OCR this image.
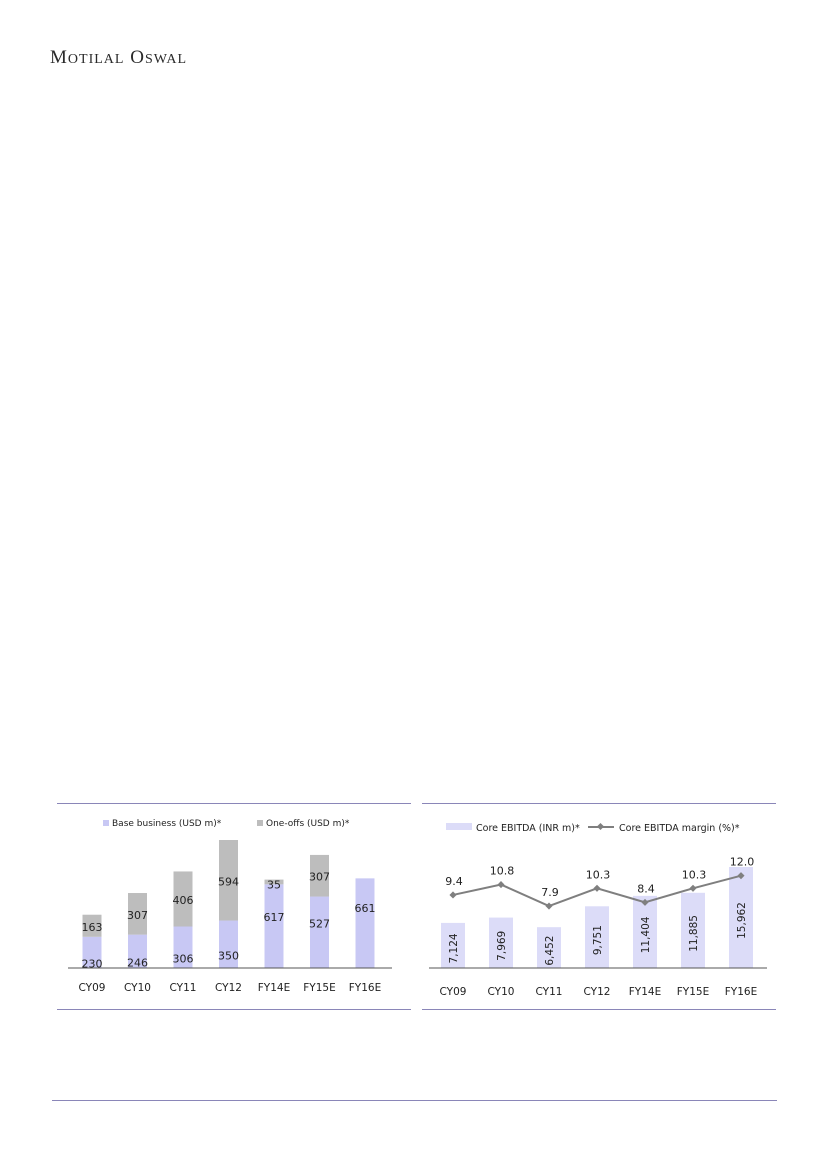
MOTILAL OSWAL
Base business (USD m)*	One-offs (USD m)*
230
163
CY09
246
307
CY10
306
406
CY11
350
594
CY12
617
35
FY14E
527
307
FY15E
661
FY16E
Core EBITDA (INR m)*	Core EBITDA margin (%)*
7,124
CY09
7,969
CY10
6,452
CY11
9,751
CY12
11,404
FY14E
11,885
FY15E
15,962
FY16E
9.4
10.8
7.9
10.3
8.4
10.3
12.0
